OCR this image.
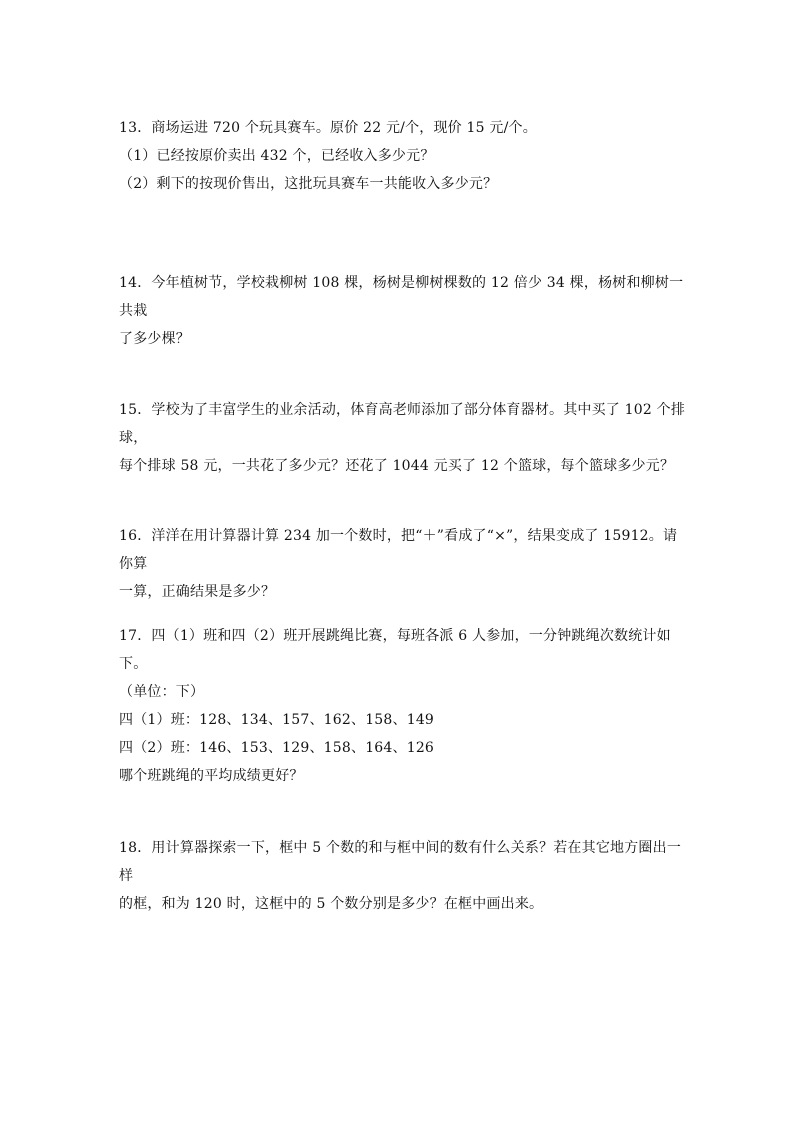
13．商场运进 720 个玩具赛车。原价 22 元/个，现价 15 元/个。

（1）已经按原价卖出 432 个，已经收入多少元？

（2）剩下的按现价售出，这批玩具赛车一共能收入多少元？

14．今年植树节，学校栽柳树 108 棵，杨树是柳树棵数的 12 倍少 34 棵，杨树和柳树一共栽

了多少棵？

15．学校为了丰富学生的业余活动，体育高老师添加了部分体育器材。其中买了 102 个排球，

每个排球 58 元，一共花了多少元？还花了 1044 元买了 12 个篮球，每个篮球多少元？

16．洋洋在用计算器计算 234 加一个数时，把“＋”看成了“×”，结果变成了 15912。请你算

一算，正确结果是多少？

17．四（1）班和四（2）班开展跳绳比赛，每班各派 6 人参加，一分钟跳绳次数统计如下。

（单位：下）

四（1）班：128、134、157、162、158、149

四（2）班：146、153、129、158、164、126

哪个班跳绳的平均成绩更好？

18．用计算器探索一下，框中 5 个数的和与框中间的数有什么关系？若在其它地方圈出一样

的框，和为 120 时，这框中的 5 个数分别是多少？在框中画出来。
